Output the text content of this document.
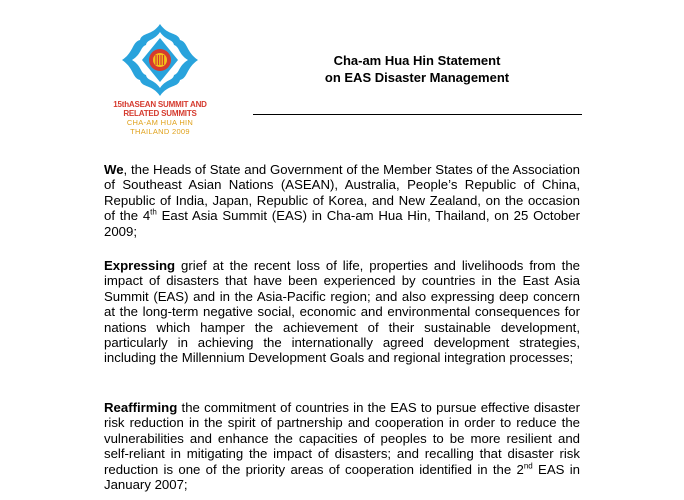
15thASEAN SUMMIT AND
RELATED SUMMITS
CHA-AM HUA HIN
THAILAND 2009
Cha-am Hua Hin Statement
on EAS Disaster Management
We, the Heads of State and Government of the Member States of the Association of Southeast Asian Nations (ASEAN), Australia, People’s Republic of China, Republic of India, Japan, Republic of Korea, and New Zealand, on the occasion of the 4th East Asia Summit (EAS) in Cha-am Hua Hin, Thailand, on 25 October 2009;
Expressing grief at the recent loss of life, properties and livelihoods from the impact of disasters that have been experienced by countries in the East Asia Summit (EAS) and in the Asia-Pacific region; and also expressing deep concern at the long-term negative social, economic and environmental consequences for nations which hamper the achievement of their sustainable development, particularly in achieving the internationally agreed development strategies, including the Millennium Development Goals and regional integration processes;
Reaffirming the commitment of countries in the EAS to pursue effective disaster risk reduction in the spirit of partnership and cooperation in order to reduce the vulnerabilities and enhance the capacities of peoples to be more resilient and self-reliant in mitigating the impact of disasters; and recalling that disaster risk reduction is one of the priority areas of cooperation identified in the 2nd EAS in January 2007;
